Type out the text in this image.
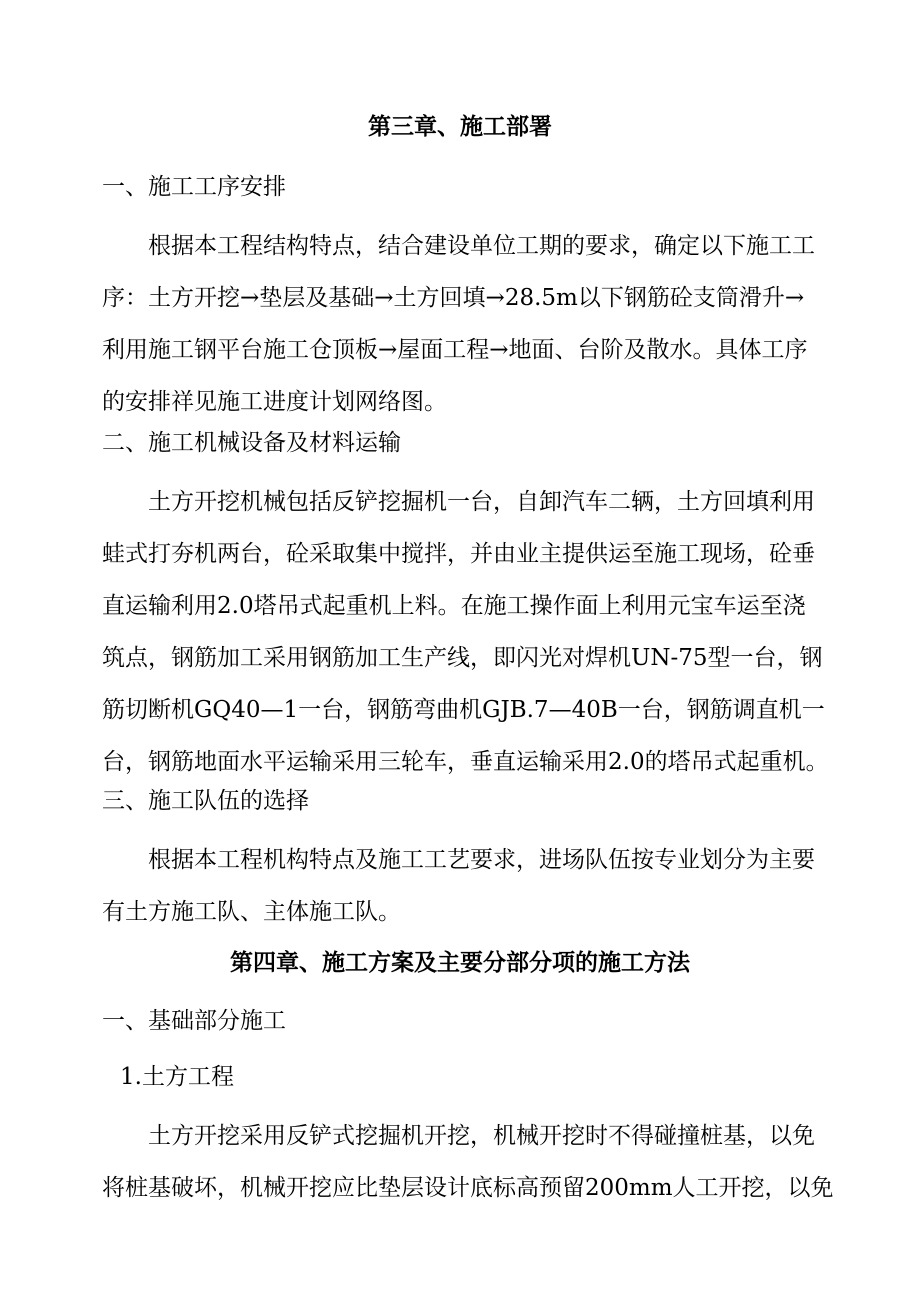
第三章、施工部署
一、施工工序安排
根据本工程结构特点，结合建设单位工期的要求，确定以下施工工
序：土方开挖→垫层及基础→土方回填→28.5m以下钢筋砼支筒滑升→
利用施工钢平台施工仓顶板→屋面工程→地面、台阶及散水。具体工序
的安排祥见施工进度计划网络图。
二、施工机械设备及材料运输
土方开挖机械包括反铲挖掘机一台，自卸汽车二辆，土方回填利用
蛙式打夯机两台，砼采取集中搅拌，并由业主提供运至施工现场，砼垂
直运输利用2.0塔吊式起重机上料。在施工操作面上利用元宝车运至浇
筑点，钢筋加工采用钢筋加工生产线，即闪光对焊机UN-75型一台，钢
筋切断机GQ40—1一台，钢筋弯曲机GJB.7—40B一台，钢筋调直机一
台，钢筋地面水平运输采用三轮车，垂直运输采用2.0的塔吊式起重机。
三、施工队伍的选择
根据本工程机构特点及施工工艺要求，进场队伍按专业划分为主要
有土方施工队、主体施工队。
第四章、施工方案及主要分部分项的施工方法
一、基础部分施工
1.土方工程
土方开挖采用反铲式挖掘机开挖，机械开挖时不得碰撞桩基，以免
将桩基破坏，机械开挖应比垫层设计底标高预留200mm人工开挖，以免
